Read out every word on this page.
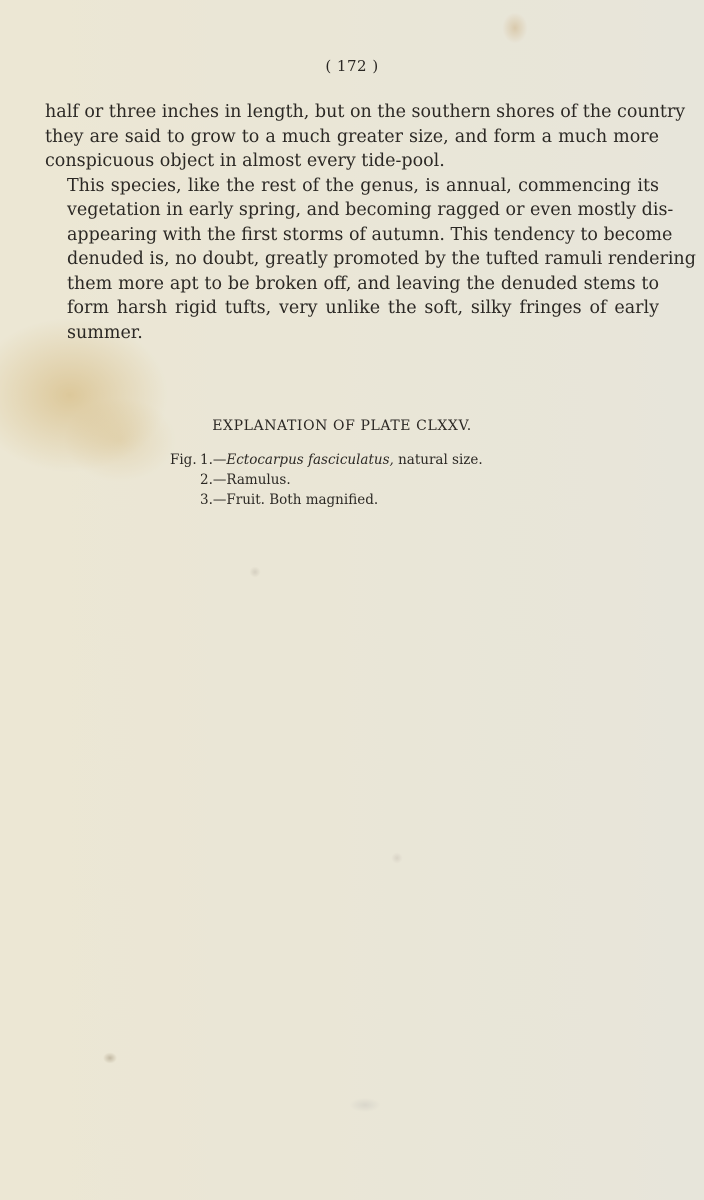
( 172 )

half or three inches in length, but on the southern shores of the country
they are said to grow to a much greater size, and form a much more
conspicuous object in almost every tide-pool.

This species, like the rest of the genus, is annual, commencing its
vegetation in early spring, and becoming ragged or even mostly dis-
appearing with the first storms of autumn. This tendency to become
denuded is, no doubt, greatly promoted by the tufted ramuli rendering
them more apt to be broken off, and leaving the denuded stems to
form harsh rigid tufts, very unlike the soft, silky fringes of early
summer.

EXPLANATION OF PLATE CLXXV.
Fig. 1.—Ectocarpus fasciculatus, natural size.
2.—Ramulus.
3.—Fruit. Both magnified.
